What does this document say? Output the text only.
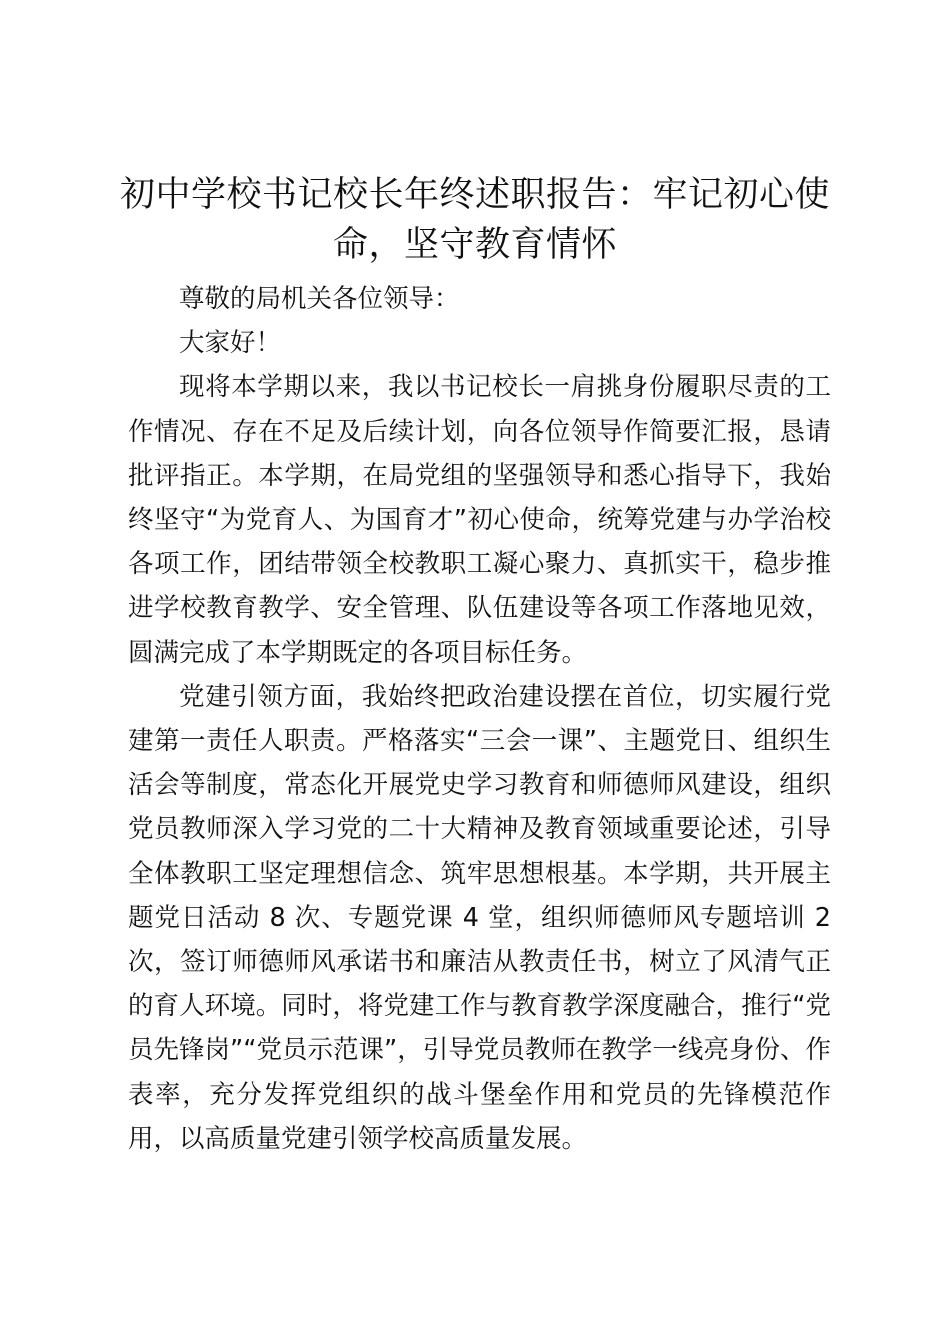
初中学校书记校长年终述职报告：牢记初心使命，坚守教育情怀

尊敬的局机关各位领导：

大家好！

现将本学期以来，我以书记校长一肩挑身份履职尽责的工作情况、存在不足及后续计划，向各位领导作简要汇报，恳请批评指正。本学期，在局党组的坚强领导和悉心指导下，我始终坚守“为党育人、为国育才”初心使命，统筹党建与办学治校各项工作，团结带领全校教职工凝心聚力、真抓实干，稳步推进学校教育教学、安全管理、队伍建设等各项工作落地见效，圆满完成了本学期既定的各项目标任务。

党建引领方面，我始终把政治建设摆在首位，切实履行党建第一责任人职责。严格落实“三会一课”、主题党日、组织生活会等制度，常态化开展党史学习教育和师德师风建设，组织党员教师深入学习党的二十大精神及教育领域重要论述，引导全体教职工坚定理想信念、筑牢思想根基。本学期，共开展主题党日活动 8 次、专题党课 4 堂，组织师德师风专题培训 2 次，签订师德师风承诺书和廉洁从教责任书，树立了风清气正的育人环境。同时，将党建工作与教育教学深度融合，推行“党员先锋岗”“党员示范课”，引导党员教师在教学一线亮身份、作表率，充分发挥党组织的战斗堡垒作用和党员的先锋模范作用，以高质量党建引领学校高质量发展。
